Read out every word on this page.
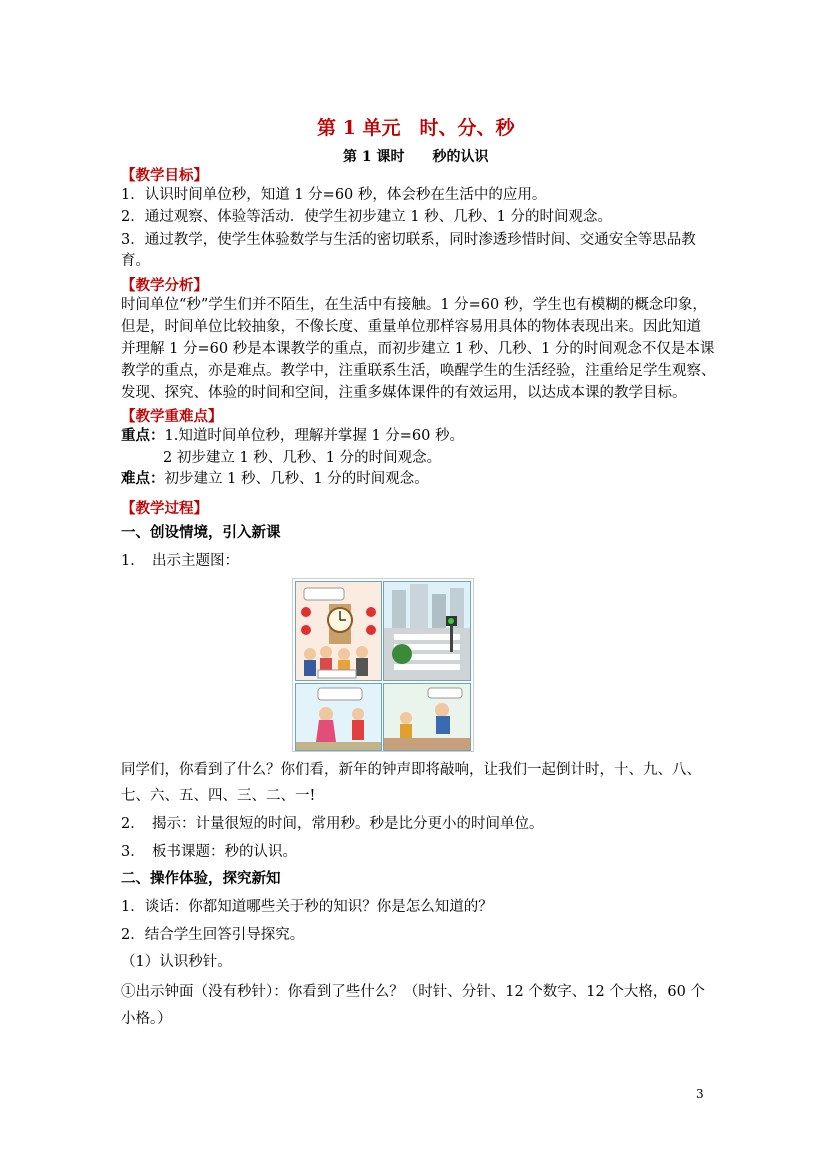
第 1 单元　时、分、秒
第 1 课时　　秒的认识
【教学目标】
1．认识时间单位秒，知道 1 分=60 秒，体会秒在生活中的应用。
2．通过观察、体验等活动．使学生初步建立 1 秒、几秒、1 分的时间观念。
3．通过教学，使学生体验数学与生活的密切联系，同时渗透珍惜时间、交通安全等思品教
育。
【教学分析】
时间单位“秒”学生们并不陌生，在生活中有接触。1 分=60 秒，学生也有模糊的概念印象，
但是，时间单位比较抽象，不像长度、重量单位那样容易用具体的物体表现出来。因此知道
并理解 1 分=60 秒是本课教学的重点，而初步建立 1 秒、几秒、1 分的时间观念不仅是本课
教学的重点，亦是难点。教学中，注重联系生活，唤醒学生的生活经验，注重给足学生观察、
发现、探究、体验的时间和空间，注重多媒体课件的有效运用，以达成本课的教学目标。
【教学重难点】
重点：1.知道时间单位秒，理解并掌握 1 分=60 秒。
2 初步建立 1 秒、几秒、1 分的时间观念。
难点：初步建立 1 秒、几秒、1 分的时间观念。
【教学过程】
一、创设情境，引入新课
1．　出示主题图：
同学们，你看到了什么？你们看，新年的钟声即将敲响，让我们一起倒计时，十、九、八、
七、六、五、四、三、二、一!
2．　揭示：计量很短的时间，常用秒。秒是比分更小的时间单位。
3．　板书课题：秒的认识。
二、操作体验，探究新知
1．谈话：你都知道哪些关于秒的知识？你是怎么知道的？
2．结合学生回答引导探究。
（1）认识秒针。
①出示钟面（没有秒针）：你看到了些什么？（时针、分针、12 个数字、12 个大格，60 个
小格。）
3
